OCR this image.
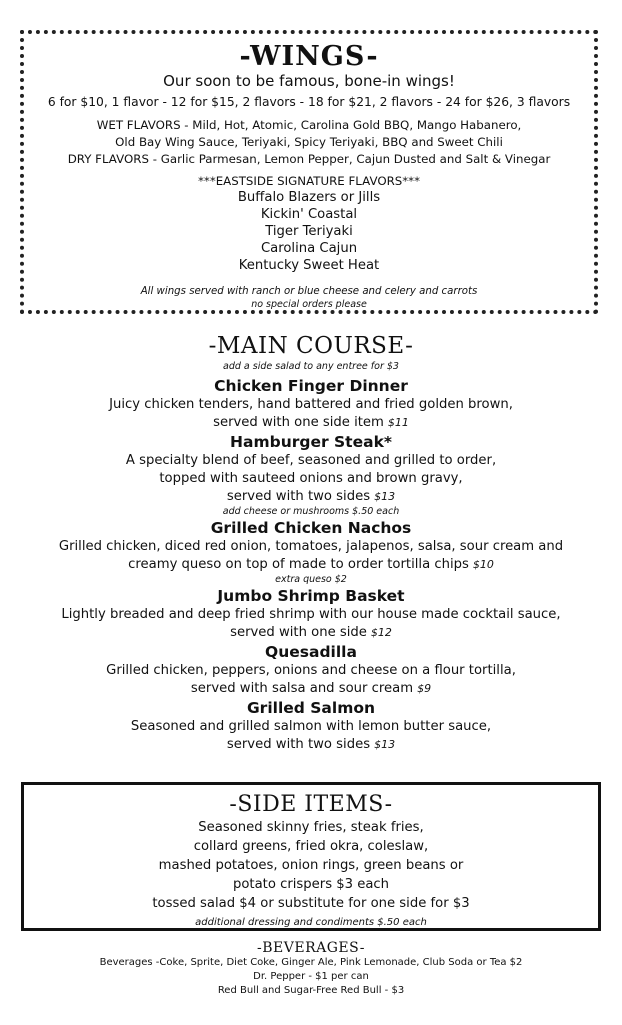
-WINGS-
Our soon to be famous, bone-in wings!
6 for $10, 1 flavor - 12 for $15, 2 flavors - 18 for $21, 2 flavors - 24 for $26, 3 flavors
WET FLAVORS - Mild, Hot, Atomic, Carolina Gold BBQ, Mango Habanero,
Old Bay Wing Sauce, Teriyaki, Spicy Teriyaki, BBQ and Sweet Chili
DRY FLAVORS - Garlic Parmesan, Lemon Pepper, Cajun Dusted and Salt & Vinegar
***EASTSIDE SIGNATURE FLAVORS***
Buffalo Blazers or Jills
Kickin' Coastal
Tiger Teriyaki
Carolina Cajun
Kentucky Sweet Heat
All wings served with ranch or blue cheese and celery and carrots
no special orders please
-MAIN COURSE-
add a side salad to any entree for $3
Chicken Finger Dinner
Juicy chicken tenders, hand battered and fried golden brown,
served with one side item $11
Hamburger Steak*
A specialty blend of beef, seasoned and grilled to order,
topped with sauteed onions and brown gravy,
served with two sides $13
add cheese or mushrooms $.50 each
Grilled Chicken Nachos
Grilled chicken, diced red onion, tomatoes, jalapenos, salsa, sour cream and
creamy queso on top of made to order tortilla chips $10
extra queso $2
Jumbo Shrimp Basket
Lightly breaded and deep fried shrimp with our house made cocktail sauce,
served with one side $12
Quesadilla
Grilled chicken, peppers, onions and cheese on a flour tortilla,
served with salsa and sour cream $9
Grilled Salmon
Seasoned and grilled salmon with lemon butter sauce,
served with two sides $13
-SIDE ITEMS-
Seasoned skinny fries, steak fries,
collard greens, fried okra, coleslaw,
mashed potatoes, onion rings, green beans or
potato crispers $3 each
tossed salad $4 or substitute for one side for $3
additional dressing and condiments $.50 each
-BEVERAGES-
Beverages -Coke, Sprite, Diet Coke, Ginger Ale, Pink Lemonade, Club Soda or Tea $2
Dr. Pepper - $1 per can
Red Bull and Sugar-Free Red Bull - $3
